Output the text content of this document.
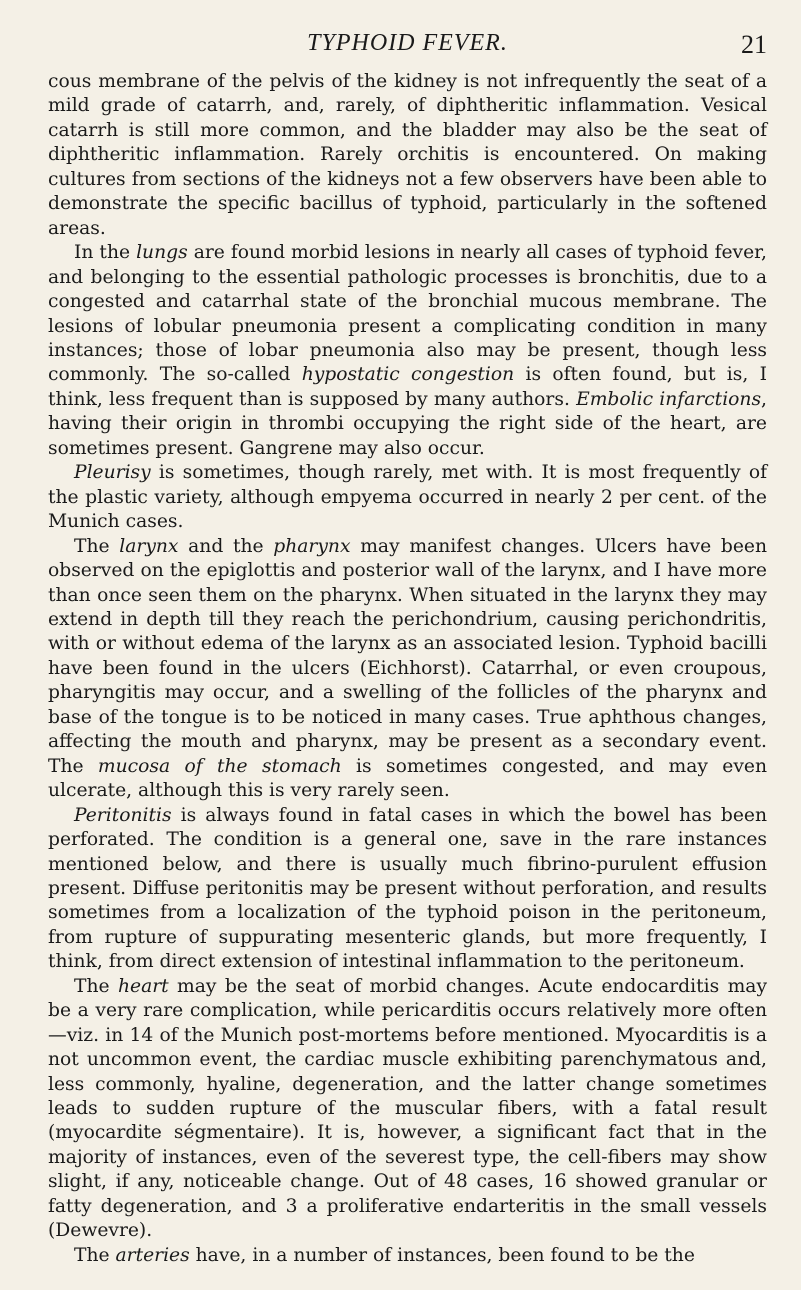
TYPHOID FEVER.	21

cous membrane of the pelvis of the kidney is not infrequently the seat of a mild grade of catarrh, and, rarely, of diphtheritic inflammation. Vesical catarrh is still more common, and the bladder may also be the seat of diphtheritic inflammation. Rarely orchitis is encountered. On making cultures from sections of the kidneys not a few observers have been able to demonstrate the specific bacillus of typhoid, particularly in the softened areas.

In the lungs are found morbid lesions in nearly all cases of typhoid fever, and belonging to the essential pathologic processes is bronchitis, due to a congested and catarrhal state of the bronchial mucous membrane. The lesions of lobular pneumonia present a complicating condition in many instances; those of lobar pneumonia also may be present, though less commonly. The so-called hypostatic congestion is often found, but is, I think, less frequent than is supposed by many authors. Embolic infarctions, having their origin in thrombi occupying the right side of the heart, are sometimes present. Gangrene may also occur.

Pleurisy is sometimes, though rarely, met with. It is most frequently of the plastic variety, although empyema occurred in nearly 2 per cent. of the Munich cases.

The larynx and the pharynx may manifest changes. Ulcers have been observed on the epiglottis and posterior wall of the larynx, and I have more than once seen them on the pharynx. When situated in the larynx they may extend in depth till they reach the perichondrium, causing perichondritis, with or without edema of the larynx as an associated lesion. Typhoid bacilli have been found in the ulcers (Eichhorst). Catarrhal, or even croupous, pharyngitis may occur, and a swelling of the follicles of the pharynx and base of the tongue is to be noticed in many cases. True aphthous changes, affecting the mouth and pharynx, may be present as a secondary event. The mucosa of the stomach is sometimes congested, and may even ulcerate, although this is very rarely seen.

Peritonitis is always found in fatal cases in which the bowel has been perforated. The condition is a general one, save in the rare instances mentioned below, and there is usually much fibrino-purulent effusion present. Diffuse peritonitis may be present without perforation, and results sometimes from a localization of the typhoid poison in the peritoneum, from rupture of suppurating mesenteric glands, but more frequently, I think, from direct extension of intestinal inflammation to the peritoneum.

The heart may be the seat of morbid changes. Acute endocarditis may be a very rare complication, while pericarditis occurs relatively more often—viz. in 14 of the Munich post-mortems before mentioned. Myocarditis is a not uncommon event, the cardiac muscle exhibiting parenchymatous and, less commonly, hyaline, degeneration, and the latter change sometimes leads to sudden rupture of the muscular fibers, with a fatal result (myocardite ségmentaire). It is, however, a significant fact that in the majority of instances, even of the severest type, the cell-fibers may show slight, if any, noticeable change. Out of 48 cases, 16 showed granular or fatty degeneration, and 3 a proliferative endarteritis in the small vessels (Dewevre).

The arteries have, in a number of instances, been found to be the
